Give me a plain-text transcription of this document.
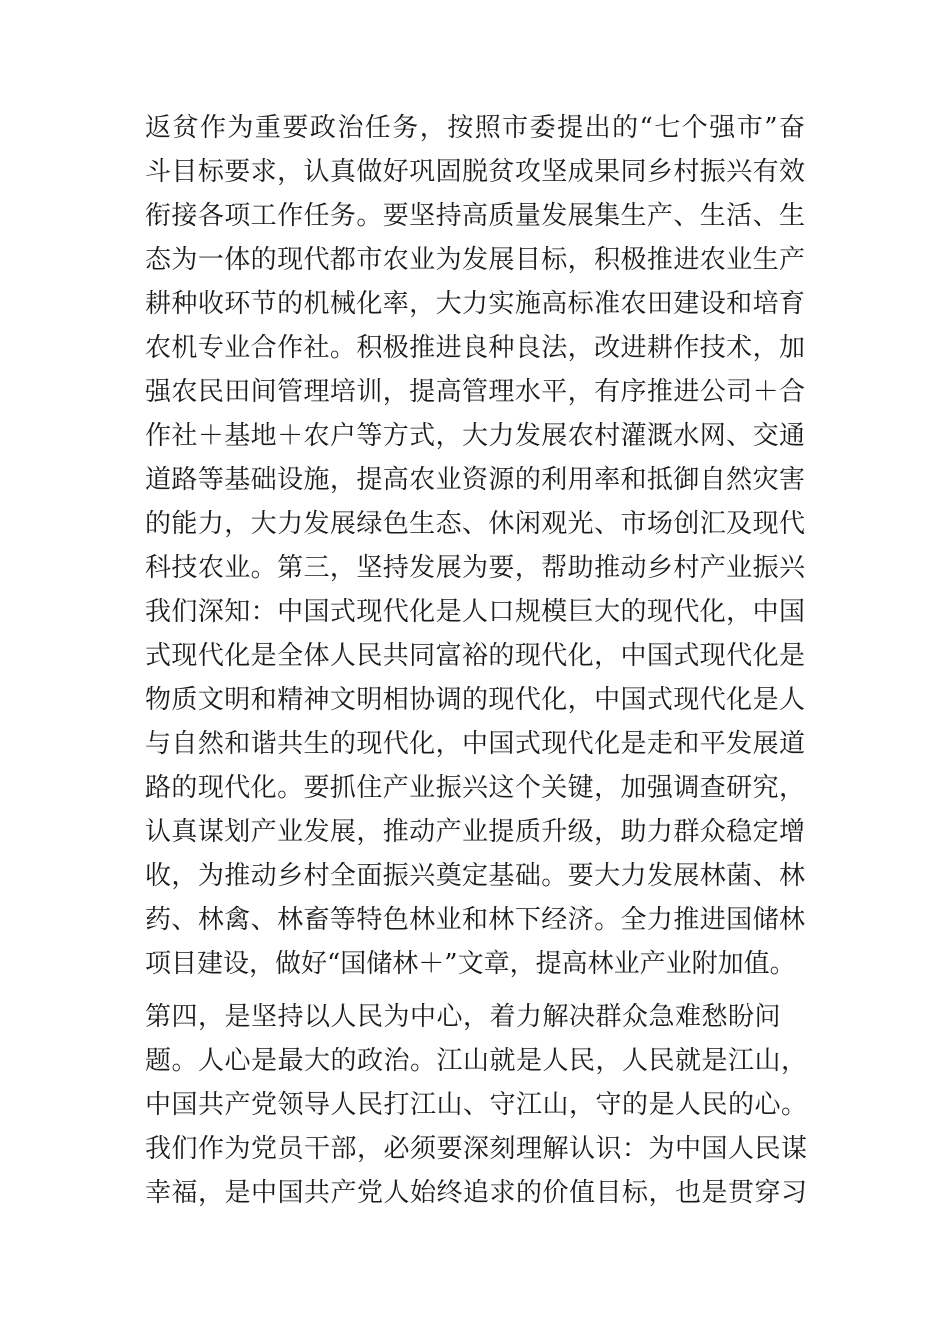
返贫作为重要政治任务，按照市委提出的“七个强市”奋
斗目标要求，认真做好巩固脱贫攻坚成果同乡村振兴有效
衔接各项工作任务。要坚持高质量发展集生产、生活、生
态为一体的现代都市农业为发展目标，积极推进农业生产
耕种收环节的机械化率，大力实施高标准农田建设和培育
农机专业合作社。积极推进良种良法，改进耕作技术，加
强农民田间管理培训，提高管理水平，有序推进公司＋合
作社＋基地＋农户等方式，大力发展农村灌溉水网、交通
道路等基础设施，提高农业资源的利用率和抵御自然灾害
的能力，大力发展绿色生态、休闲观光、市场创汇及现代
科技农业。第三，坚持发展为要，帮助推动乡村产业振兴
我们深知：中国式现代化是人口规模巨大的现代化，中国
式现代化是全体人民共同富裕的现代化，中国式现代化是
物质文明和精神文明相协调的现代化，中国式现代化是人
与自然和谐共生的现代化，中国式现代化是走和平发展道
路的现代化。要抓住产业振兴这个关键，加强调查研究，
认真谋划产业发展，推动产业提质升级，助力群众稳定增
收，为推动乡村全面振兴奠定基础。要大力发展林菌、林
药、林禽、林畜等特色林业和林下经济。全力推进国储林
项目建设，做好“国储林＋”文章，提高林业产业附加值。
第四，是坚持以人民为中心，着力解决群众急难愁盼问
题。人心是最大的政治。江山就是人民，人民就是江山，
中国共产党领导人民打江山、守江山，守的是人民的心。
我们作为党员干部，必须要深刻理解认识：为中国人民谋
幸福，是中国共产党人始终追求的价值目标，也是贯穿习
